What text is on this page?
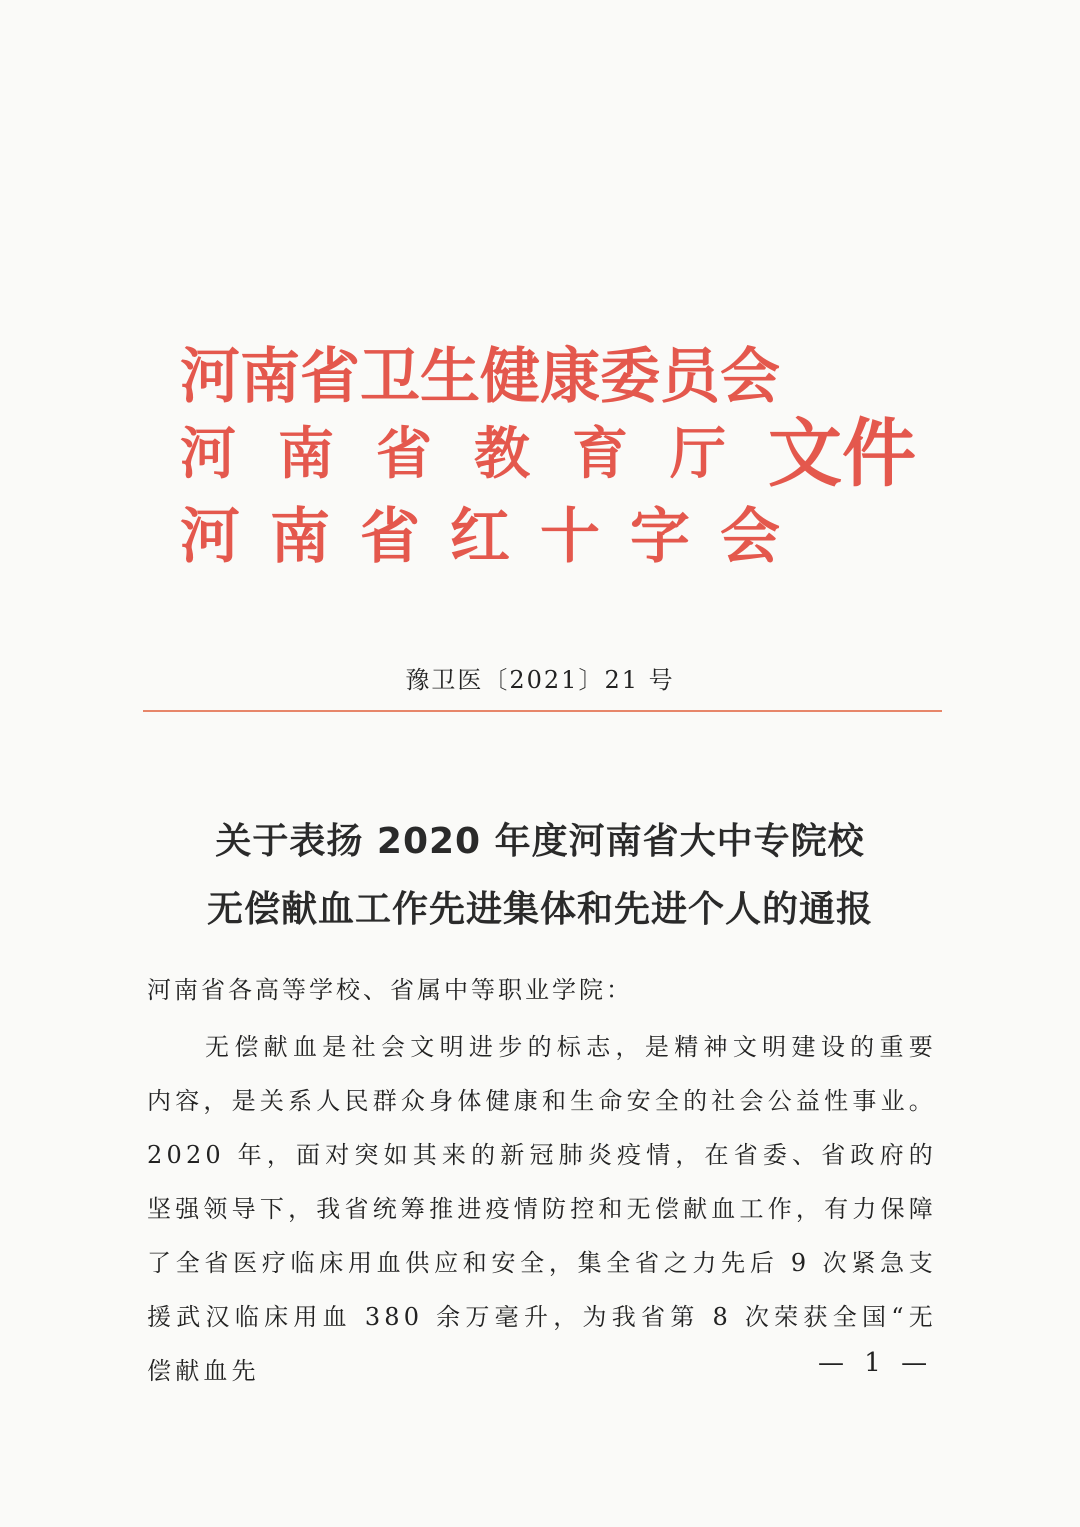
河南省卫生健康委员会
河南省教育厅 文件
河南省红十字会
豫卫医〔2021〕21 号
关于表扬 2020 年度河南省大中专院校
无偿献血工作先进集体和先进个人的通报
河南省各高等学校、省属中等职业学院：
无偿献血是社会文明进步的标志，是精神文明建设的重要内容，是关系人民群众身体健康和生命安全的社会公益性事业。2020 年，面对突如其来的新冠肺炎疫情，在省委、省政府的坚强领导下，我省统筹推进疫情防控和无偿献血工作，有力保障了全省医疗临床用血供应和安全，集全省之力先后 9 次紧急支援武汉临床用血 380 余万毫升，为我省第 8 次荣获全国“无偿献血先	— 1 —
